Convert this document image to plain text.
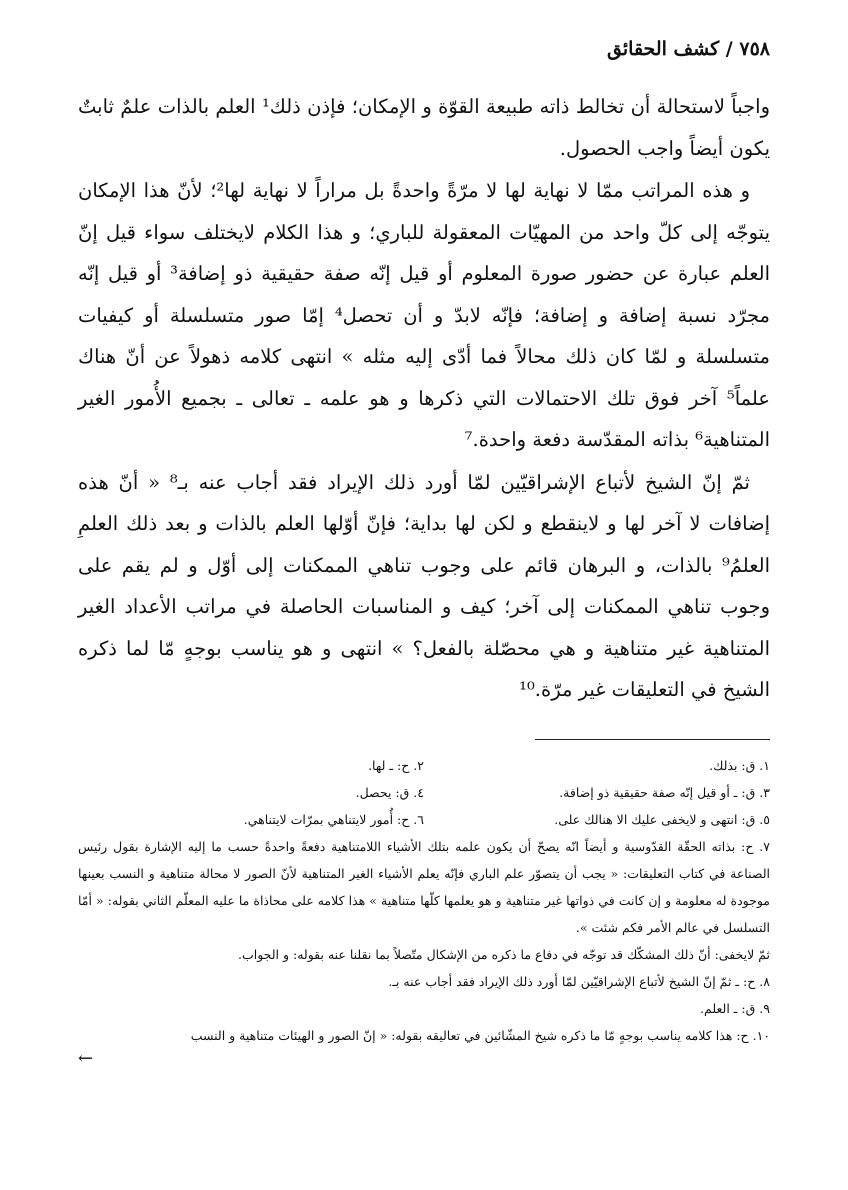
٧٥٨ / كشف الحقائق

واجباً لاستحالة أن تخالط ذاته طبيعة القوّة و الإمكان؛ فإذن ذلك¹ العلم بالذات علمٌ ثابتٌ يكون أيضاً واجب الحصول.

و هذه المراتب ممّا لا نهاية لها لا مرّةً واحدةً بل مراراً لا نهاية لها²؛ لأنّ هذا الإمكان يتوجّه إلى كلّ واحد من المهيّات المعقولة للباري؛ و هذا الكلام لايختلف سواء قيل إنّ العلم عبارة عن حضور صورة المعلوم أو قيل إنّه صفة حقيقية ذو إضافة³ أو قيل إنّه مجرّد نسبة إضافة و إضافة؛ فإنّه لابدّ و أن تحصل⁴ إمّا صور متسلسلة أو كيفيات متسلسلة و لمّا كان ذلك محالاً فما أدّى إليه مثله » انتهى كلامه ذهولاً عن أنّ هناك علماً⁵ آخر فوق تلك الاحتمالات التي ذكرها و هو علمه ـ تعالى ـ بجميع الأُمور الغير المتناهية⁶ بذاته المقدّسة دفعة واحدة.⁷

ثمّ إنّ الشيخ لأتباع الإشراقيّين لمّا أورد ذلك الإيراد فقد أجاب عنه بـ⁸ « أنّ هذه إضافات لا آخر لها و لاينقطع و لكن لها بداية؛ فإنّ أوّلها العلم بالذات و بعد ذلك العلمِ العلمُ⁹ بالذات، و البرهان قائم على وجوب تناهي الممكنات إلى أوّل و لم يقم على وجوب تناهي الممكنات إلى آخر؛ كيف و المناسبات الحاصلة في مراتب الأعداد الغير المتناهية غير متناهية و هي محصّلة بالفعل؟ » انتهى و هو يناسب بوجهٍ مّا لما ذكره الشيخ في التعليقات غير مرّة.¹⁰

١. ق: بذلك.
٢. ح: ـ لها.
٣. ق: ـ أو قيل إنّه صفة حقيقية ذو إضافة.
٤. ق: يحصل.
٥. ق: انتهى و لايخفى عليك الا هنالك على.
٦. ح: أُمور لايتناهي بمرّات لايتناهي.
٧. ح: بذاته الحقّة القدّوسية و أيضاً انّه يصحّ أن يكون علمه بتلك الأشياء اللامتناهية دفعةً واحدةً حسب ما إليه الإشارة بقول رئيس الصناعة في كتاب التعليقات: « يجب أن يتصوّر علم الباري فإنّه يعلم الأشياء الغير المتناهية لأنّ الصور لا محالة متناهية و النسب بعينها موجودة له معلومة و إن كانت في ذواتها غير متناهية و هو يعلمها كلّها متناهية » هذا كلامه على محاذاة ما عليه المعلّم الثاني بقوله: « أمّا التسلسل في عالم الأمر فكم شئت ».
ثمّ لايخفى: أنّ ذلك المشكّك قد توجّه في دفاع ما ذكره من الإشكال متّصلاً بما نقلنا عنه بقوله: و الجواب.
٨. ح: ـ ثمّ إنّ الشيخ لأتباع الإشراقيّين لمّا أورد ذلك الإيراد فقد أجاب عنه بـ.
٩. ق: ـ العلم.
١٠. ح: هذا كلامه يناسب بوجهٍ مّا ما ذكره شيخ المشّائين في تعاليقه بقوله: « إنّ الصور و الهيئات متناهية و النسب
←
